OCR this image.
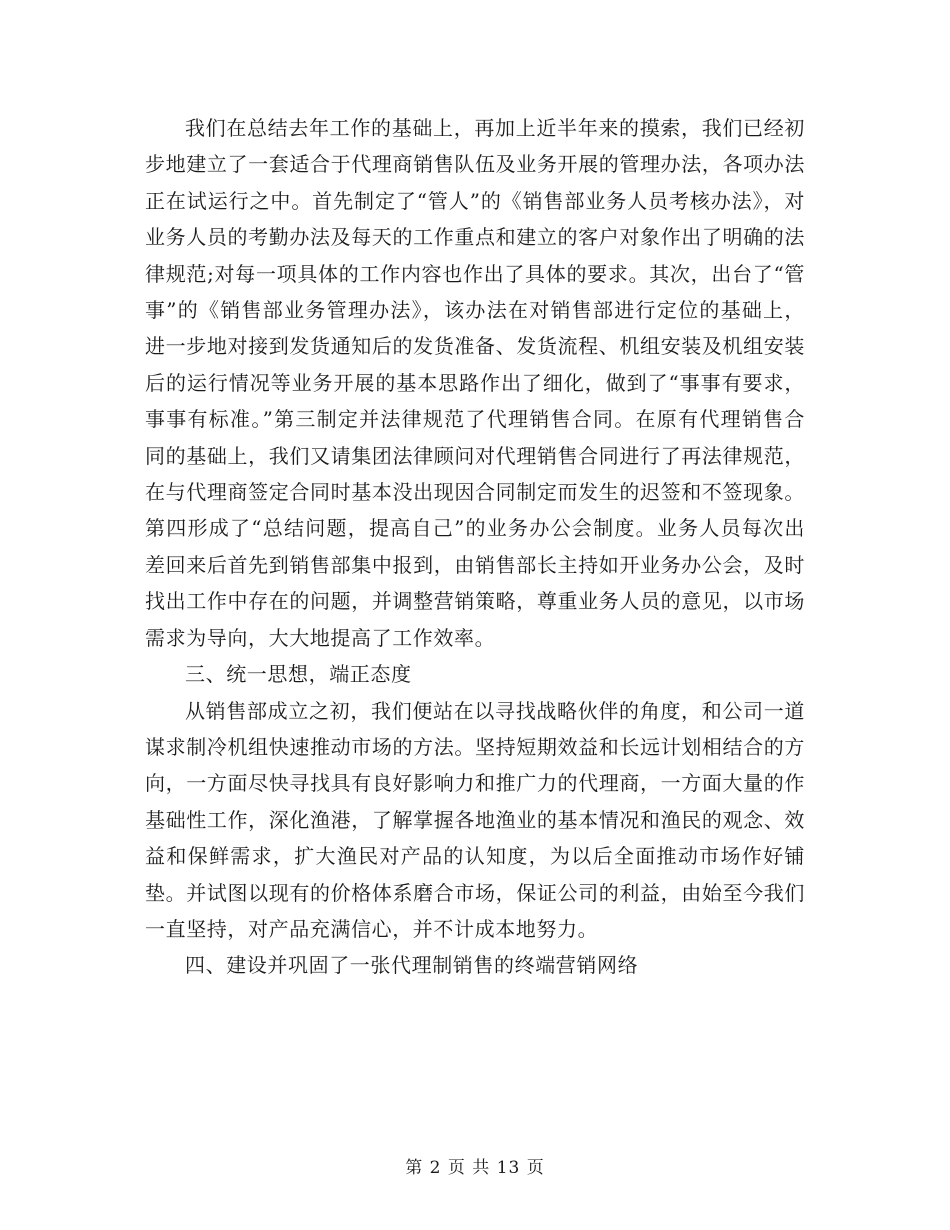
我们在总结去年工作的基础上，再加上近半年来的摸索，我们已经初步地建立了一套适合于代理商销售队伍及业务开展的管理办法，各项办法正在试运行之中。首先制定了“管人”的《销售部业务人员考核办法》，对业务人员的考勤办法及每天的工作重点和建立的客户对象作出了明确的法律规范;对每一项具体的工作内容也作出了具体的要求。其次，出台了“管事”的《销售部业务管理办法》，该办法在对销售部进行定位的基础上，进一步地对接到发货通知后的发货准备、发货流程、机组安装及机组安装后的运行情况等业务开展的基本思路作出了细化，做到了“事事有要求，事事有标准。”第三制定并法律规范了代理销售合同。在原有代理销售合同的基础上，我们又请集团法律顾问对代理销售合同进行了再法律规范，在与代理商签定合同时基本没出现因合同制定而发生的迟签和不签现象。第四形成了“总结问题，提高自己”的业务办公会制度。业务人员每次出差回来后首先到销售部集中报到，由销售部长主持如开业务办公会，及时找出工作中存在的问题，并调整营销策略，尊重业务人员的意见，以市场需求为导向，大大地提高了工作效率。

三、统一思想，端正态度

从销售部成立之初，我们便站在以寻找战略伙伴的角度，和公司一道谋求制冷机组快速推动市场的方法。坚持短期效益和长远计划相结合的方向，一方面尽快寻找具有良好影响力和推广力的代理商，一方面大量的作基础性工作，深化渔港，了解掌握各地渔业的基本情况和渔民的观念、效益和保鲜需求，扩大渔民对产品的认知度，为以后全面推动市场作好铺垫。并试图以现有的价格体系磨合市场，保证公司的利益，由始至今我们一直坚持，对产品充满信心，并不计成本地努力。

四、建设并巩固了一张代理制销售的终端营销网络

第 2 页 共 13 页
